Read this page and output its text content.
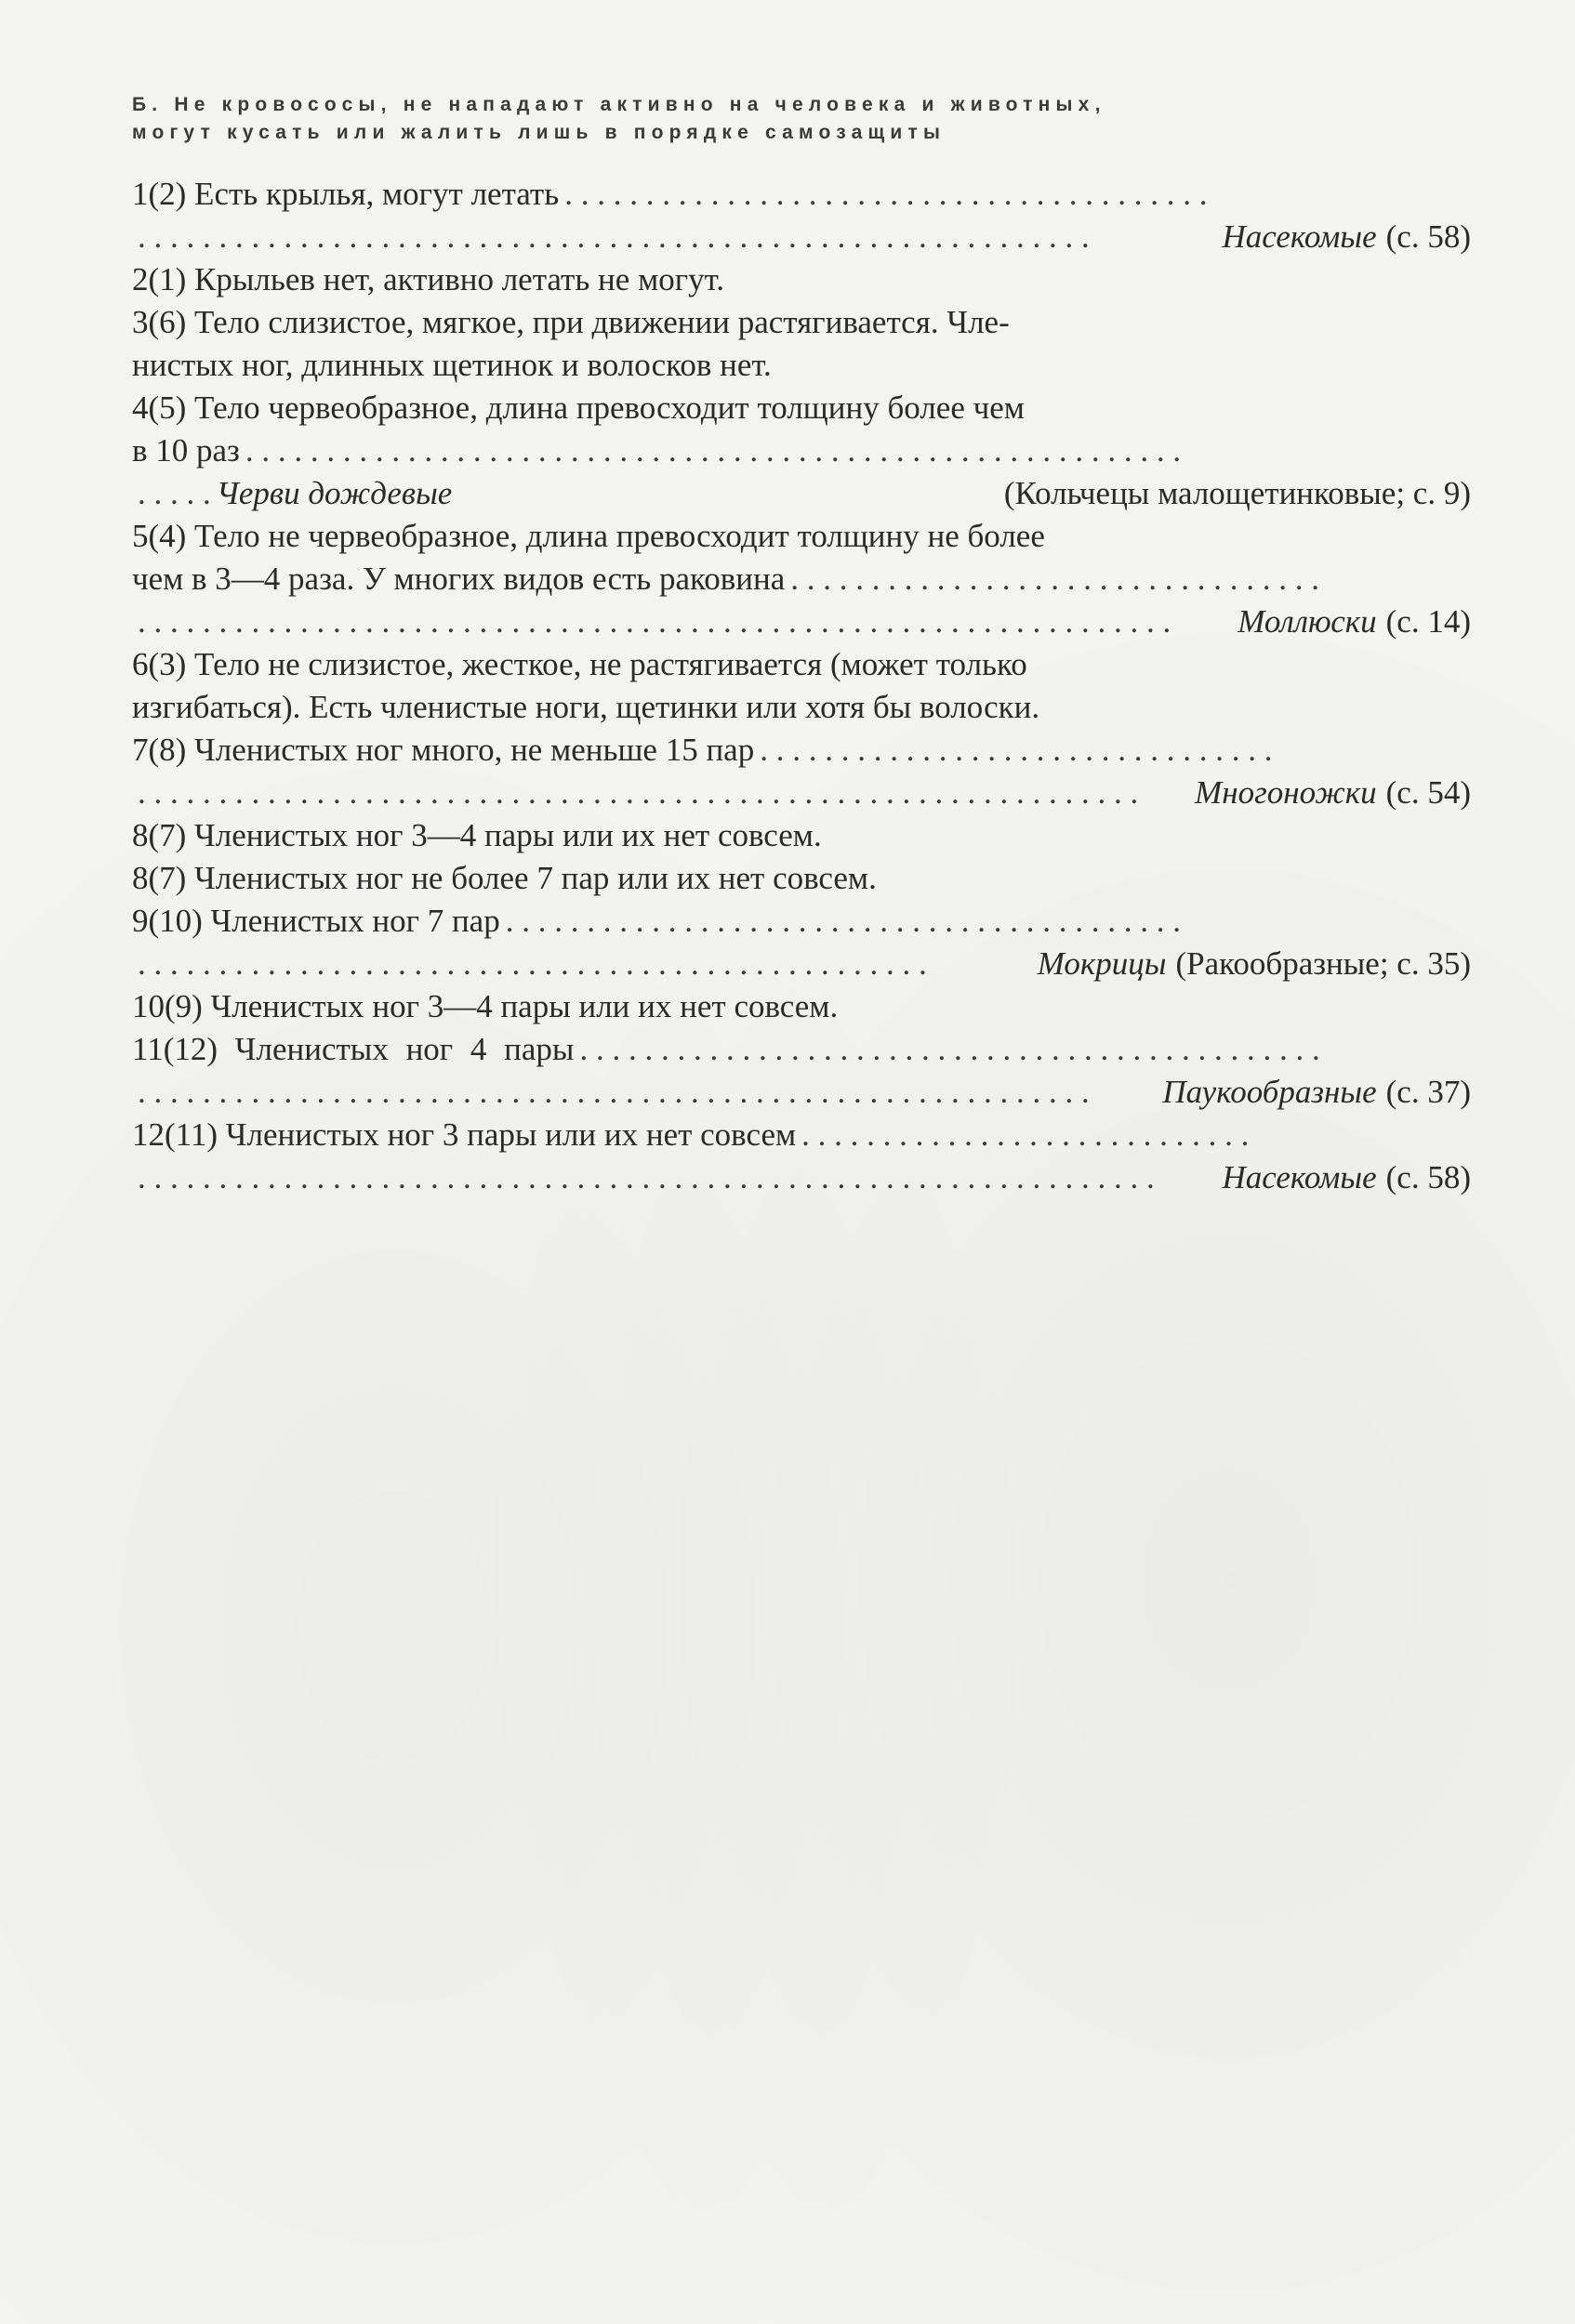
Б. Не кровососы, не нападают активно на человека и животных,
могут кусать или жалить лишь в порядке самозащиты
1(2) Есть крылья, могут летать . . . . . . . . . . . . . . . . . . . . . . . . . . . . . . . . . . . . . . . .
. . . . . . . . . . . . . . . . . . . . . . . . . . . . . . . . . . . . . . . . . . . . . . . . . . . . . . . . . . .	Насекомые (с. 58)
2(1) Крыльев нет, активно летать не могут.
3(6) Тело слизистое, мягкое, при движении растягивается. Чле-
нистых ног, длинных щетинок и волосков нет.
4(5) Тело червеобразное, длина превосходит толщину более чем
в 10 раз . . . . . . . . . . . . . . . . . . . . . . . . . . . . . . . . . . . . . . . . . . . . . . . . . . . . . . . . . .
. . . . . Черви дождевые	(Кольчецы малощетинковые; с. 9)
5(4) Тело не червеобразное, длина превосходит толщину не более
чем в 3—4 раза. У многих видов есть раковина . . . . . . . . . . . . . . . . . . . . . . . . . . . . . . . . .
. . . . . . . . . . . . . . . . . . . . . . . . . . . . . . . . . . . . . . . . . . . . . . . . . . . . . . . . . . . . . . . .	Моллюски (с. 14)
6(3) Тело не слизистое, жесткое, не растягивается (может только
изгибаться). Есть членистые ноги, щетинки или хотя бы волоски.
7(8) Членистых ног много, не меньше 15 пар . . . . . . . . . . . . . . . . . . . . . . . . . . . . . . . .
. . . . . . . . . . . . . . . . . . . . . . . . . . . . . . . . . . . . . . . . . . . . . . . . . . . . . . . . . . . . . .	Многоножки (с. 54)
8(7) Членистых ног 3—4 пары или их нет совсем.
8(7) Членистых ног не более 7 пар или их нет совсем.
9(10) Членистых ног 7 пар . . . . . . . . . . . . . . . . . . . . . . . . . . . . . . . . . . . . . . . . . .
. . . . . . . . . . . . . . . . . . . . . . . . . . . . . . . . . . . . . . . . . . . . . . . . .	Мокрицы (Ракообразные; с. 35)
10(9) Членистых ног 3—4 пары или их нет совсем.
11(12) Членистых ног 4 пары . . . . . . . . . . . . . . . . . . . . . . . . . . . . . . . . . . . . . . . . . . . . . .
. . . . . . . . . . . . . . . . . . . . . . . . . . . . . . . . . . . . . . . . . . . . . . . . . . . . . . . . . . .	Паукообразные (с. 37)
12(11) Членистых ног 3 пары или их нет совсем . . . . . . . . . . . . . . . . . . . . . . . . . . . .
. . . . . . . . . . . . . . . . . . . . . . . . . . . . . . . . . . . . . . . . . . . . . . . . . . . . . . . . . . . . . . .	Насекомые (с. 58)
